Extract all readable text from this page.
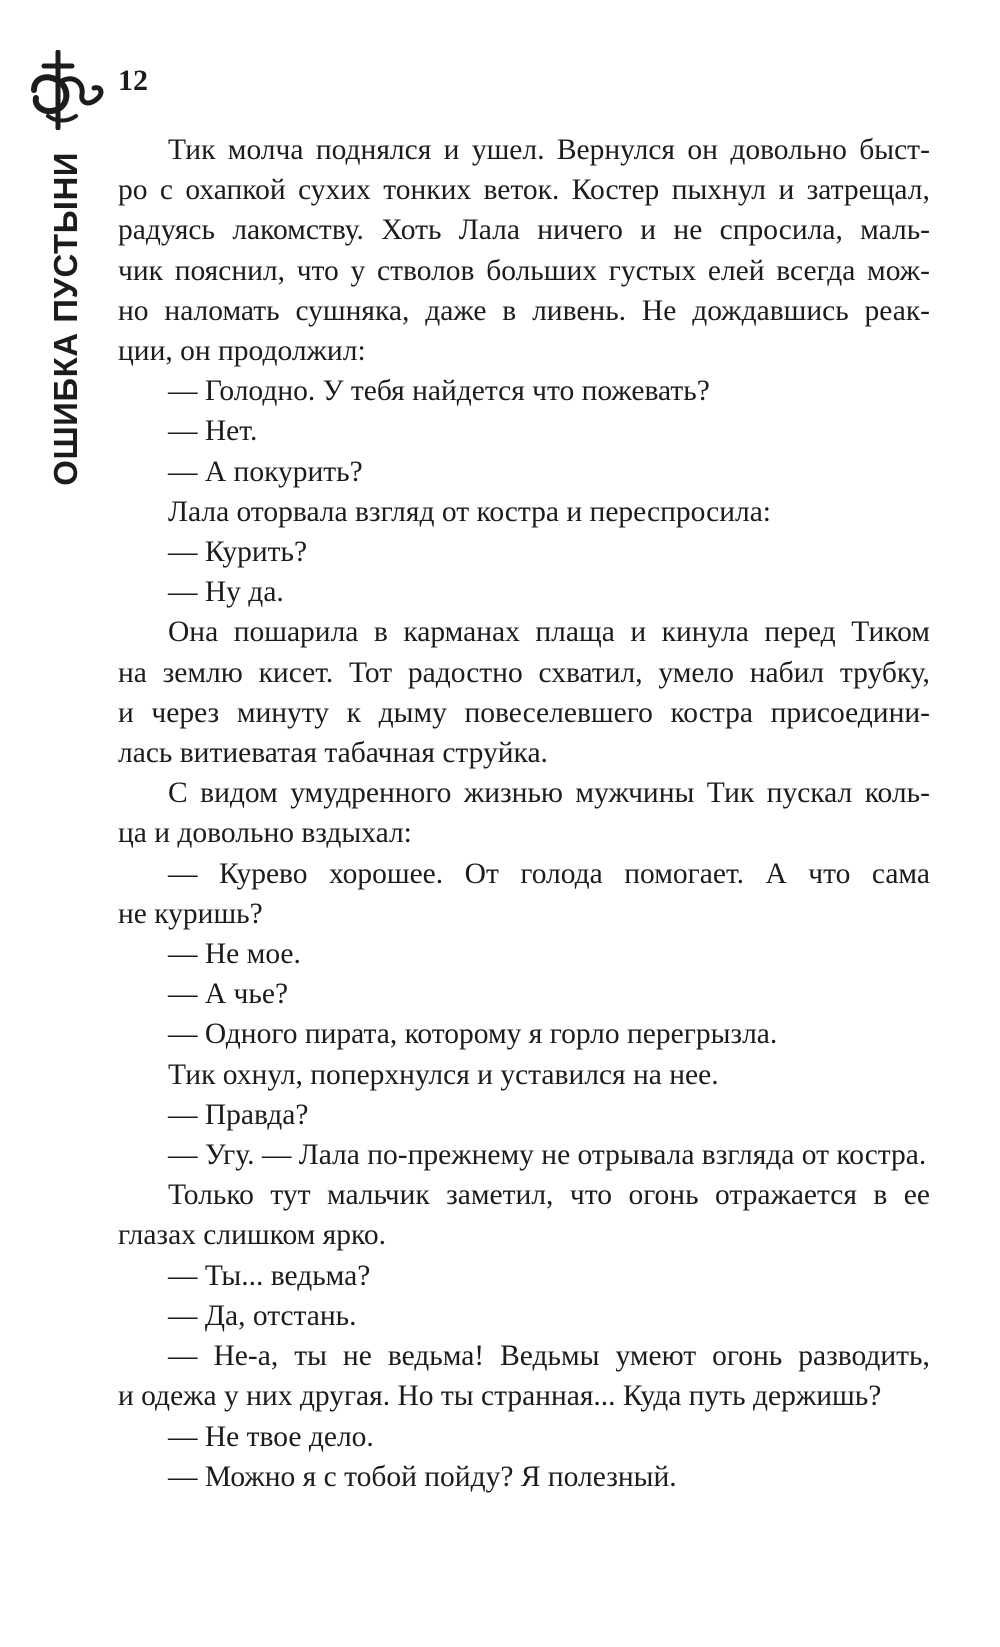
12
ОШИБКА ПУСТЫНИ
Тик молча поднялся и ушел. Вернулся он довольно быст-
ро с охапкой сухих тонких веток. Костер пыхнул и затрещал,
радуясь лакомству. Хоть Лала ничего и не спросила, маль-
чик пояснил, что у стволов больших густых елей всегда мож-
но наломать сушняка, даже в ливень. Не дождавшись реак-
ции, он продолжил:
— Голодно. У тебя найдется что пожевать?
— Нет.
— А покурить?
Лала оторвала взгляд от костра и переспросила:
— Курить?
— Ну да.
Она пошарила в карманах плаща и кинула перед Тиком
на землю кисет. Тот радостно схватил, умело набил трубку,
и через минуту к дыму повеселевшего костра присоедини-
лась витиеватая табачная струйка.
С видом умудренного жизнью мужчины Тик пускал коль-
ца и довольно вздыхал:
— Курево хорошее. От голода помогает. А что сама
не куришь?
— Не мое.
— А чье?
— Одного пирата, которому я горло перегрызла.
Тик охнул, поперхнулся и уставился на нее.
— Правда?
— Угу. — Лала по-прежнему не отрывала взгляда от костра.
Только тут мальчик заметил, что огонь отражается в ее
глазах слишком ярко.
— Ты... ведьма?
— Да, отстань.
— Не-а, ты не ведьма! Ведьмы умеют огонь разводить,
и одежа у них другая. Но ты странная... Куда путь держишь?
— Не твое дело.
— Можно я с тобой пойду? Я полезный.
